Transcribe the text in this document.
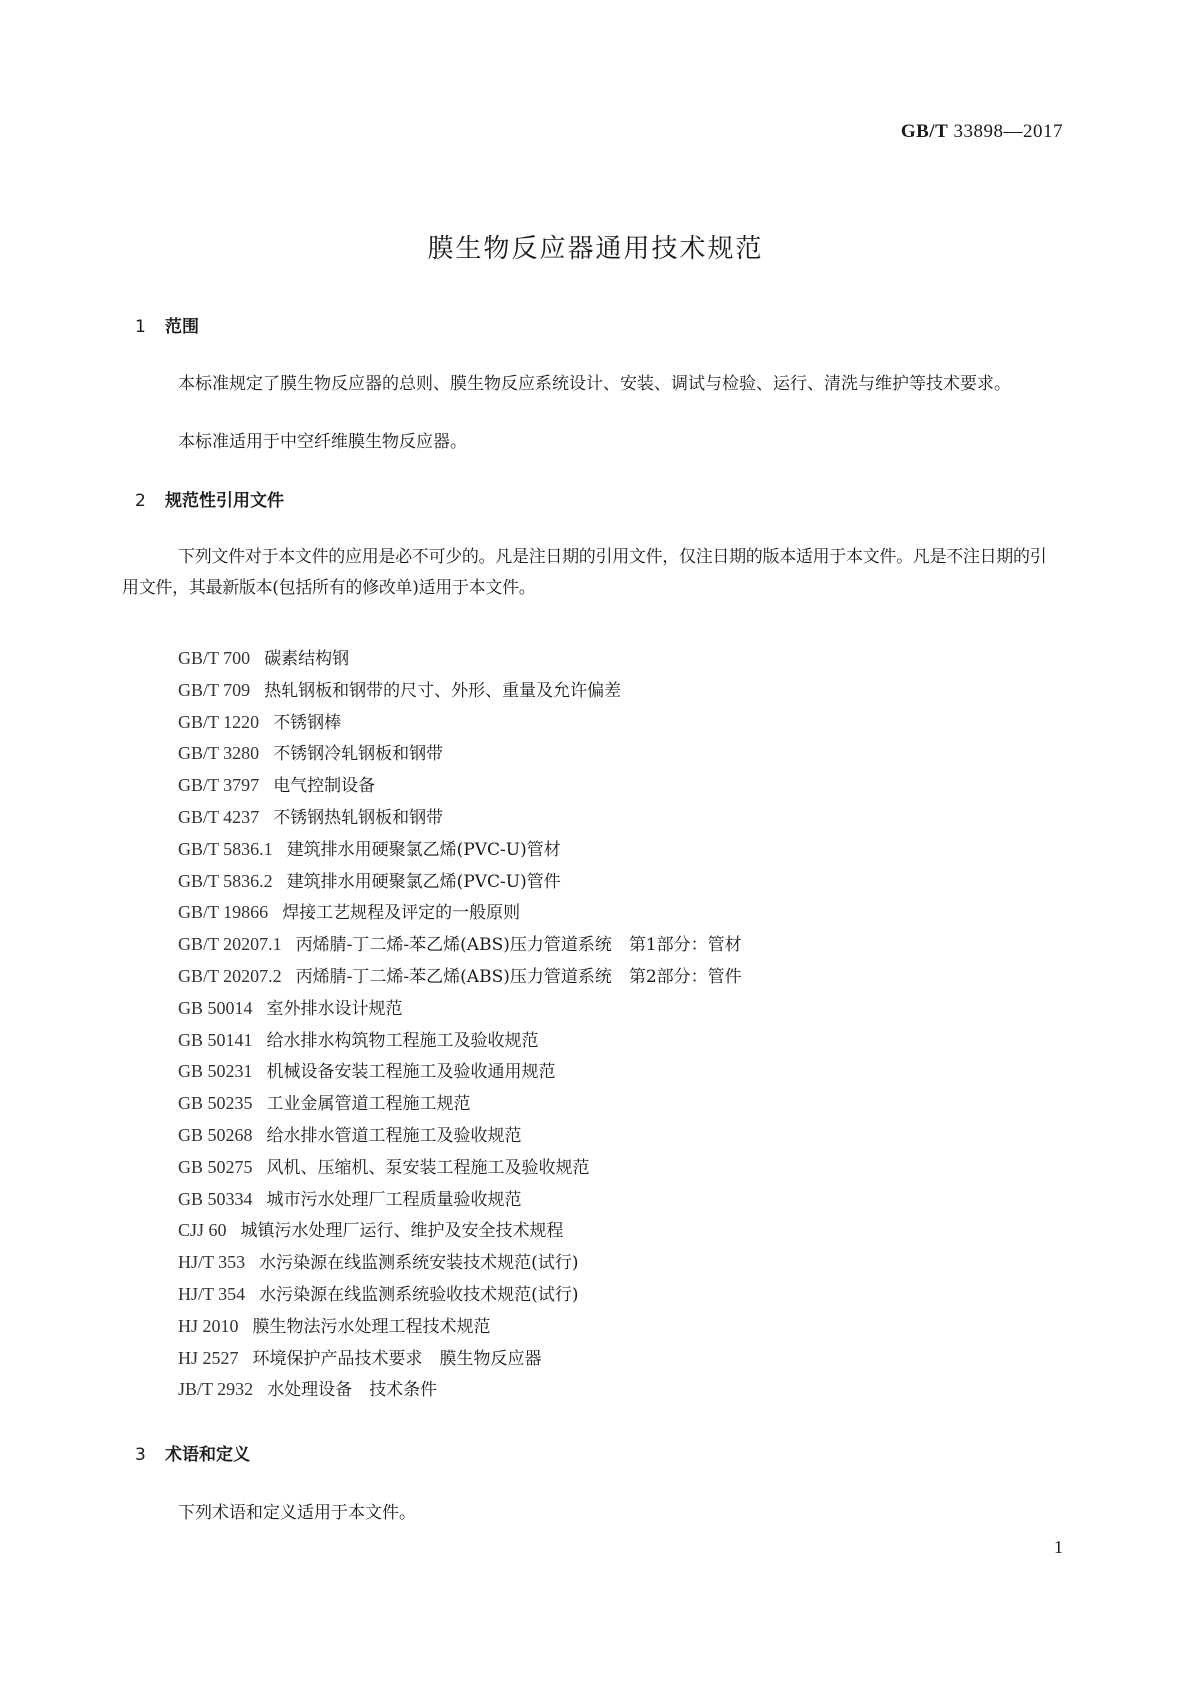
GB/T 33898—2017
膜生物反应器通用技术规范
1 范围
本标准规定了膜生物反应器的总则、膜生物反应系统设计、安装、调试与检验、运行、清洗与维护等技术要求。
本标准适用于中空纤维膜生物反应器。
2 规范性引用文件
下列文件对于本文件的应用是必不可少的。凡是注日期的引用文件，仅注日期的版本适用于本文件。凡是不注日期的引用文件，其最新版本(包括所有的修改单)适用于本文件。
GB/T 700 碳素结构钢
GB/T 709 热轧钢板和钢带的尺寸、外形、重量及允许偏差
GB/T 1220 不锈钢棒
GB/T 3280 不锈钢冷轧钢板和钢带
GB/T 3797 电气控制设备
GB/T 4237 不锈钢热轧钢板和钢带
GB/T 5836.1 建筑排水用硬聚氯乙烯(PVC-U)管材
GB/T 5836.2 建筑排水用硬聚氯乙烯(PVC-U)管件
GB/T 19866 焊接工艺规程及评定的一般原则
GB/T 20207.1 丙烯腈-丁二烯-苯乙烯(ABS)压力管道系统　第1部分：管材
GB/T 20207.2 丙烯腈-丁二烯-苯乙烯(ABS)压力管道系统　第2部分：管件
GB 50014 室外排水设计规范
GB 50141 给水排水构筑物工程施工及验收规范
GB 50231 机械设备安装工程施工及验收通用规范
GB 50235 工业金属管道工程施工规范
GB 50268 给水排水管道工程施工及验收规范
GB 50275 风机、压缩机、泵安装工程施工及验收规范
GB 50334 城市污水处理厂工程质量验收规范
CJJ 60 城镇污水处理厂运行、维护及安全技术规程
HJ/T 353 水污染源在线监测系统安装技术规范(试行)
HJ/T 354 水污染源在线监测系统验收技术规范(试行)
HJ 2010 膜生物法污水处理工程技术规范
HJ 2527 环境保护产品技术要求　膜生物反应器
JB/T 2932 水处理设备　技术条件
3 术语和定义
下列术语和定义适用于本文件。
1
